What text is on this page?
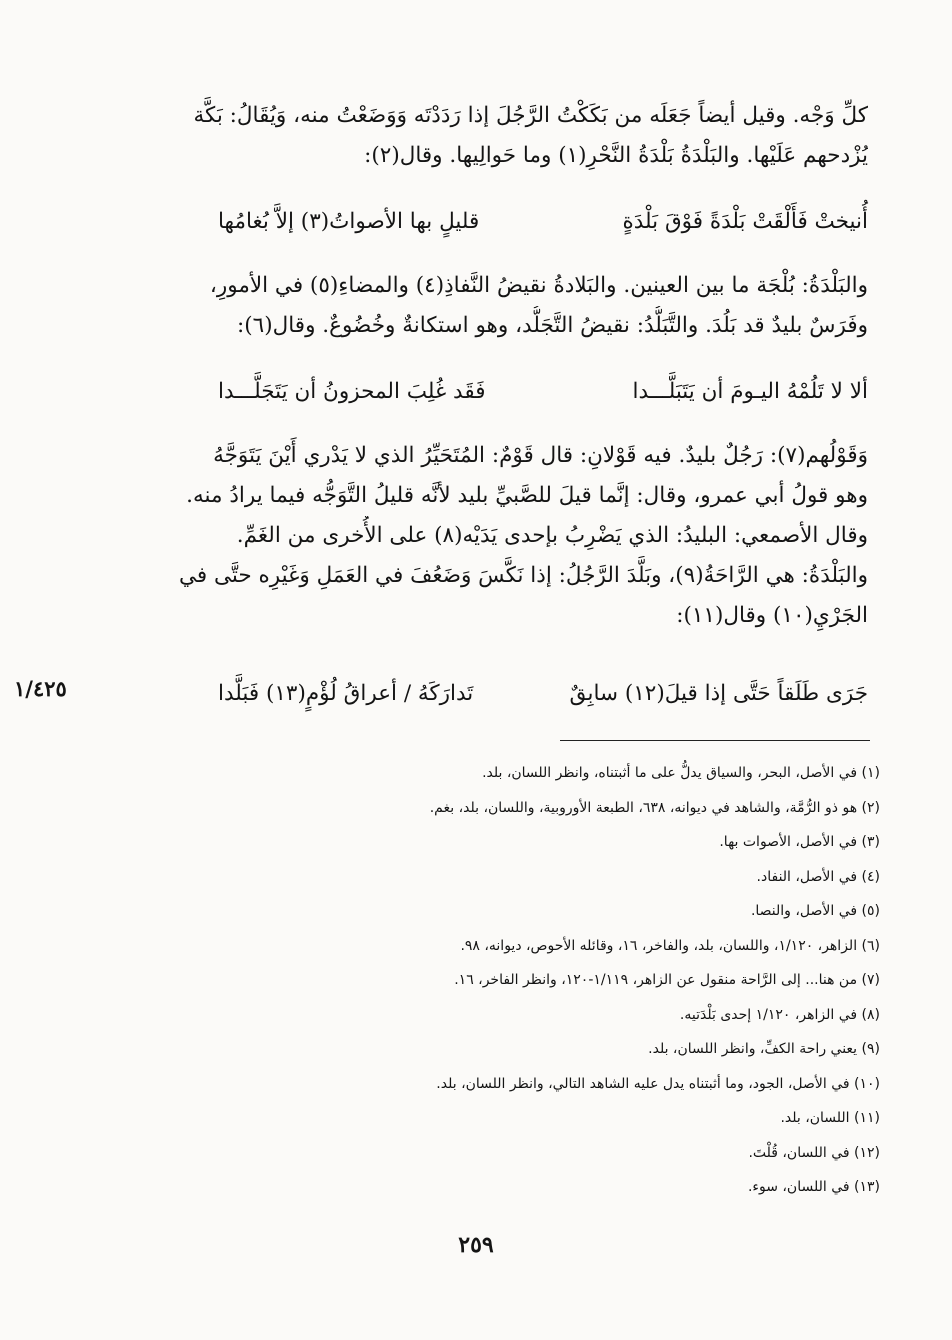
كلِّ وَجْه. وقيل أيضاً جَعَلَه من بَكَكْتُ الرَّجُلَ إذا رَدَدْتَه وَوَضَعْتُ منه، وَيُقَالُ: بَكَّة
يُزْدحهم عَلَيْها. والبَلْدَةُ بَلْدَةُ النَّحْرِ(١) وما حَوالِيها. وقال(٢):
أُنيختْ فَأَلْقَتْ بَلْدَةً فَوْقَ بَلْدَةٍ
قليلٍ بها الأصواتُ(٣) إلاَّ بُغامُها
والبَلْدَةُ: بُلْجَة ما بين العينين. والبَلادةُ نقيضُ النَّفاذِ(٤) والمضاءِ(٥) في الأمورِ،
وفَرَسٌ بليدٌ قد بَلُدَ. والتَّبَلُّدُ: نقيضُ التَّجَلُّد، وهو استكانةٌ وخُضُوعٌ. وقال(٦):
ألا لا تَلُمْهُ اليـومَ أن يَتَبَلَّـــدا
فَقَد غُلِبَ المحزونُ أن يَتَجَلَّـــدا
وَقَوْلُهم(٧): رَجُلٌ بليدٌ. فيه قَوْلانِ: قال قَوْمٌ: المُتَحَيِّرُ الذي لا يَدْري أَيْنَ يَتَوَجَّهُ
وهو قولُ أبي عمرو، وقال: إنَّما قيلَ للصَّبيِّ بليد لأنَّه قليلُ التَّوَجُّه فيما يرادُ منه.
وقال الأصمعي: البليدُ: الذي يَضْرِبُ بإحدى يَدَيْه(٨) على الأُخرى من الغَمِّ.
والبَلْدَةُ: هي الرَّاحَةُ(٩)، وبَلَّدَ الرَّجُلُ: إذا نَكَّسَ وَضَعُفَ في العَمَلِ وَغَيْرِه حتَّى في
الجَرْيِ(١٠) وقال(١١):
جَرَى طَلَقاً حَتَّى إذا قيلَ(١٢) سابِقٌ
تَدارَكَهُ / أعراقُ لُؤْمٍ(١٣) فَبَلَّدا
١/٤٢٥
(١) في الأصل، البحر، والسياق يدلُّ على ما أثبتناه، وانظر اللسان، بلد.
(٢) هو ذو الرُّمَّة، والشاهد في ديوانه، ٦٣٨، الطبعة الأوروبية، واللسان، بلد، بغم.
(٣) في الأصل، الأصوات بها.
(٤) في الأصل، النفاد.
(٥) في الأصل، والنصا.
(٦) الزاهر، ١/١٢٠، واللسان، بلد، والفاخر، ١٦، وقائله الأحوص، ديوانه، ٩٨.
(٧) من هنا... إلى الرَّاحة منقول عن الزاهر، ١/١١٩-١٢٠، وانظر الفاخر، ١٦.
(٨) في الزاهر، ١/١٢٠ إحدى بَلْدَتيه.
(٩) يعني راحة الكفِّ، وانظر اللسان، بلد.
(١٠) في الأصل، الجود، وما أثبتناه يدل عليه الشاهد التالي، وانظر اللسان، بلد.
(١١) اللسان، بلد.
(١٢) في اللسان، قُلْتَ.
(١٣) في اللسان، سوء.
٢٥٩
